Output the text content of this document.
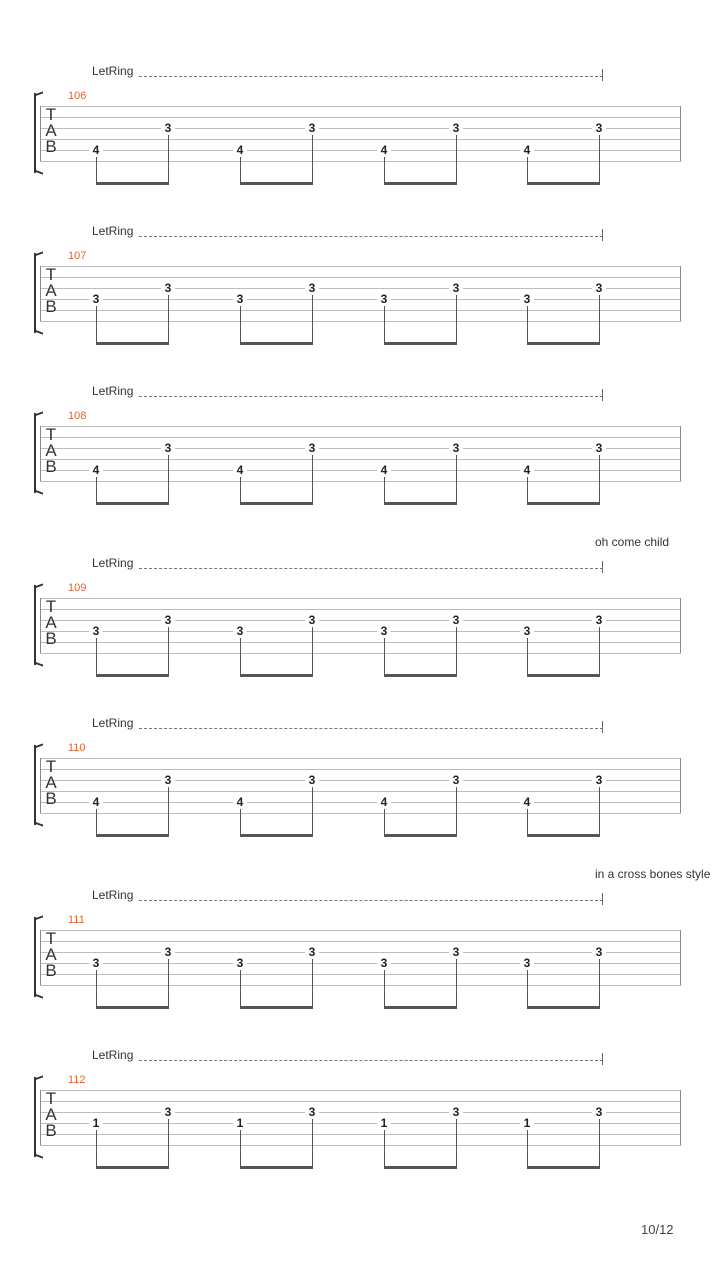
LetRing
106
T
A
B	4
3
4
3
4
3
4
3
LetRing
107
T
A
B	3
3
3
3
3
3
3
3
LetRing
108
T
A
B	4
3
4
3
4
3
4
3
LetRing
oh come child
109
T
A
B	3
3
3
3
3
3
3
3
LetRing
110
T
A
B	4
3
4
3
4
3
4
3
LetRing
in a cross bones style
111
T
A
B	3
3
3
3
3
3
3
3
LetRing
112
T
A
B	1
3
1
3
1
3
1
3
10/12
